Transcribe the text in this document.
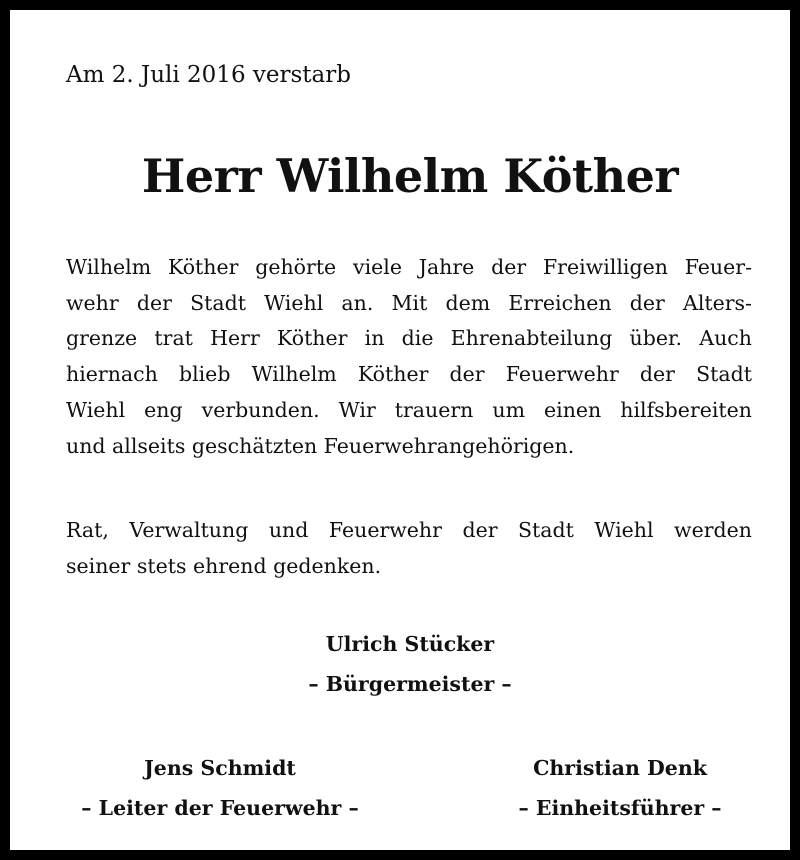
Am 2. Juli 2016 verstarb
Herr Wilhelm Köther
Wilhelm Köther gehörte viele Jahre der Freiwilligen Feuer-
wehr der Stadt Wiehl an. Mit dem Erreichen der Alters-
grenze trat Herr Köther in die Ehrenabteilung über. Auch
hiernach blieb Wilhelm Köther der Feuerwehr der Stadt
Wiehl eng verbunden. Wir trauern um einen hilfsbereiten
und allseits geschätzten Feuerwehrangehörigen.
Rat, Verwaltung und Feuerwehr der Stadt Wiehl werden
seiner stets ehrend gedenken.
Ulrich Stücker
– Bürgermeister –
Jens Schmidt
– Leiter der Feuerwehr –
Christian Denk
– Einheitsführer –
